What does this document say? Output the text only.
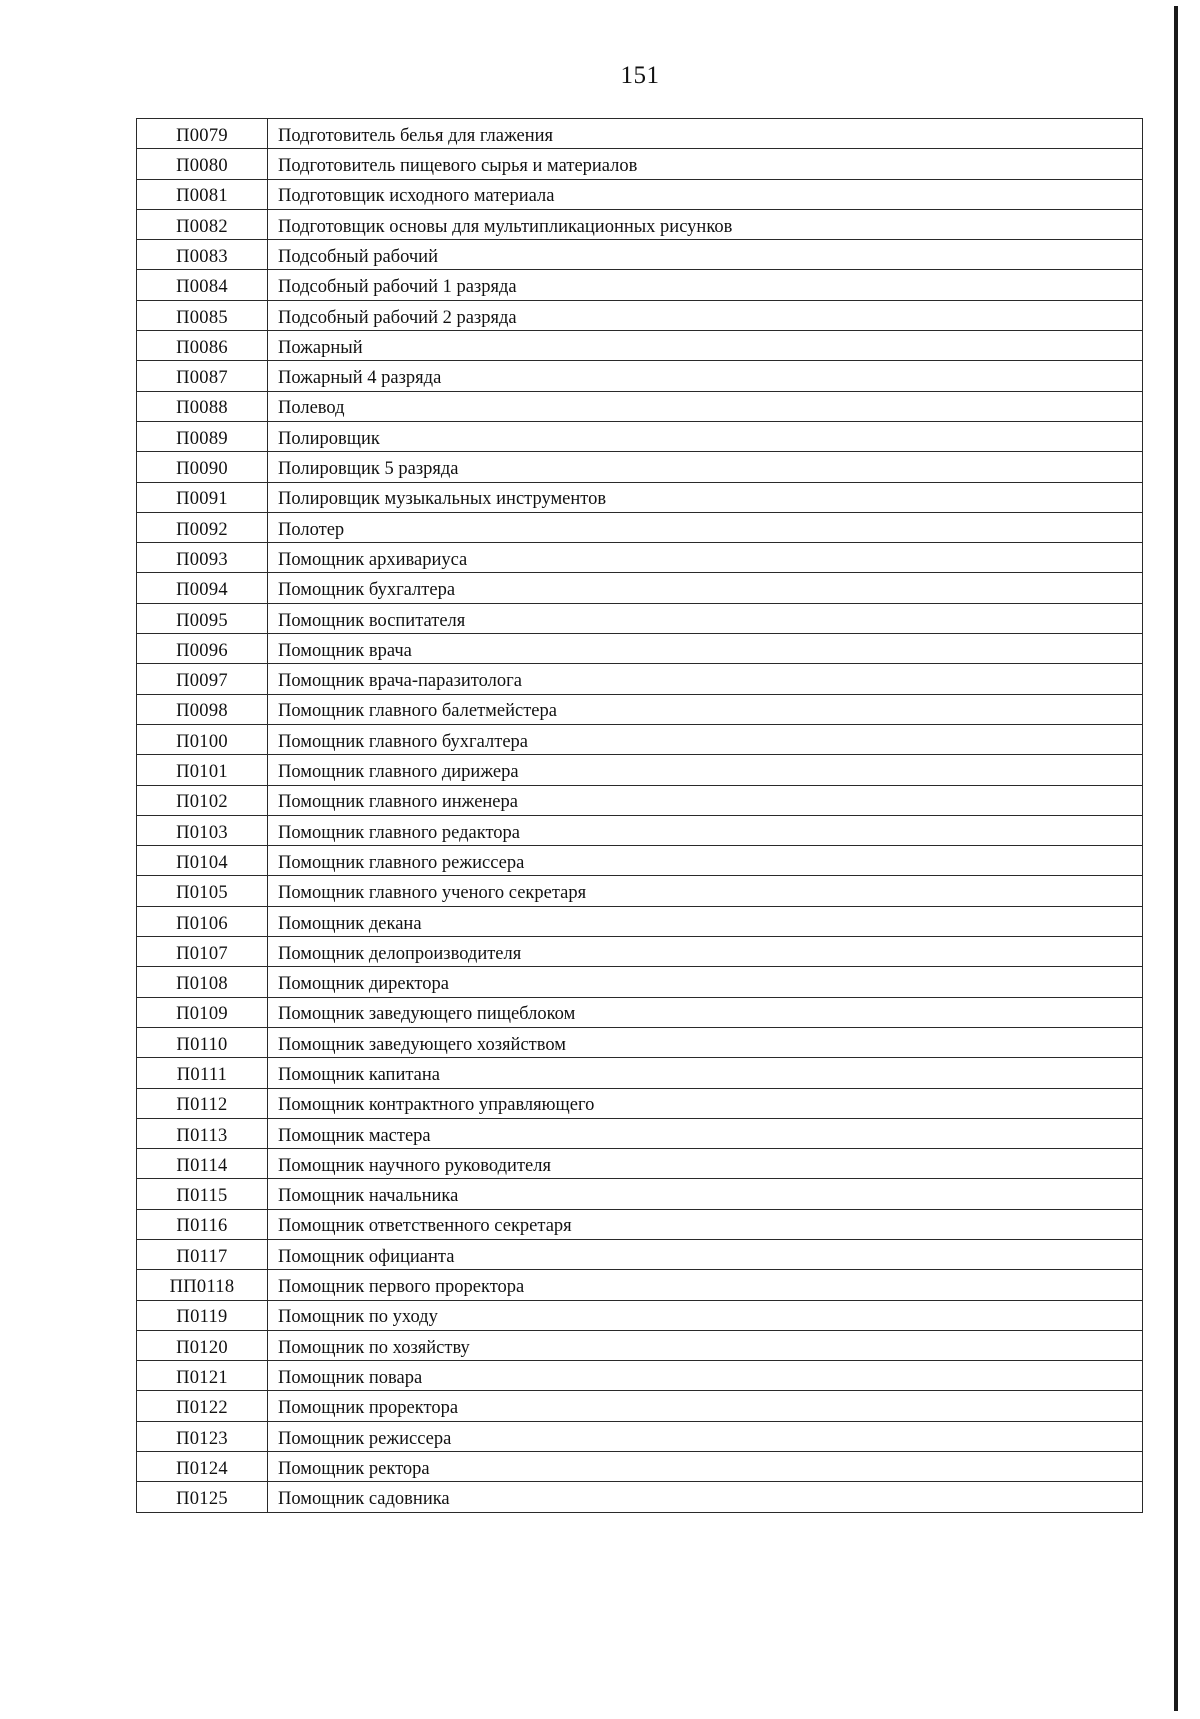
151
П0079	Подготовитель белья для глажения
П0080	Подготовитель пищевого сырья и материалов
П0081	Подготовщик исходного материала
П0082	Подготовщик основы для мультипликационных рисунков
П0083	Подсобный рабочий
П0084	Подсобный рабочий 1 разряда
П0085	Подсобный рабочий 2 разряда
П0086	Пожарный
П0087	Пожарный 4 разряда
П0088	Полевод
П0089	Полировщик
П0090	Полировщик 5 разряда
П0091	Полировщик музыкальных инструментов
П0092	Полотер
П0093	Помощник архивариуса
П0094	Помощник бухгалтера
П0095	Помощник воспитателя
П0096	Помощник врача
П0097	Помощник врача-паразитолога
П0098	Помощник главного балетмейстера
П0100	Помощник главного бухгалтера
П0101	Помощник главного дирижера
П0102	Помощник главного инженера
П0103	Помощник главного редактора
П0104	Помощник главного режиссера
П0105	Помощник главного ученого секретаря
П0106	Помощник декана
П0107	Помощник делопроизводителя
П0108	Помощник директора
П0109	Помощник заведующего пищеблоком
П0110	Помощник заведующего хозяйством
П0111	Помощник капитана
П0112	Помощник контрактного управляющего
П0113	Помощник мастера
П0114	Помощник научного руководителя
П0115	Помощник начальника
П0116	Помощник ответственного секретаря
П0117	Помощник официанта
ПП0118	Помощник первого проректора
П0119	Помощник по уходу
П0120	Помощник по хозяйству
П0121	Помощник повара
П0122	Помощник проректора
П0123	Помощник режиссера
П0124	Помощник ректора
П0125	Помощник садовника
